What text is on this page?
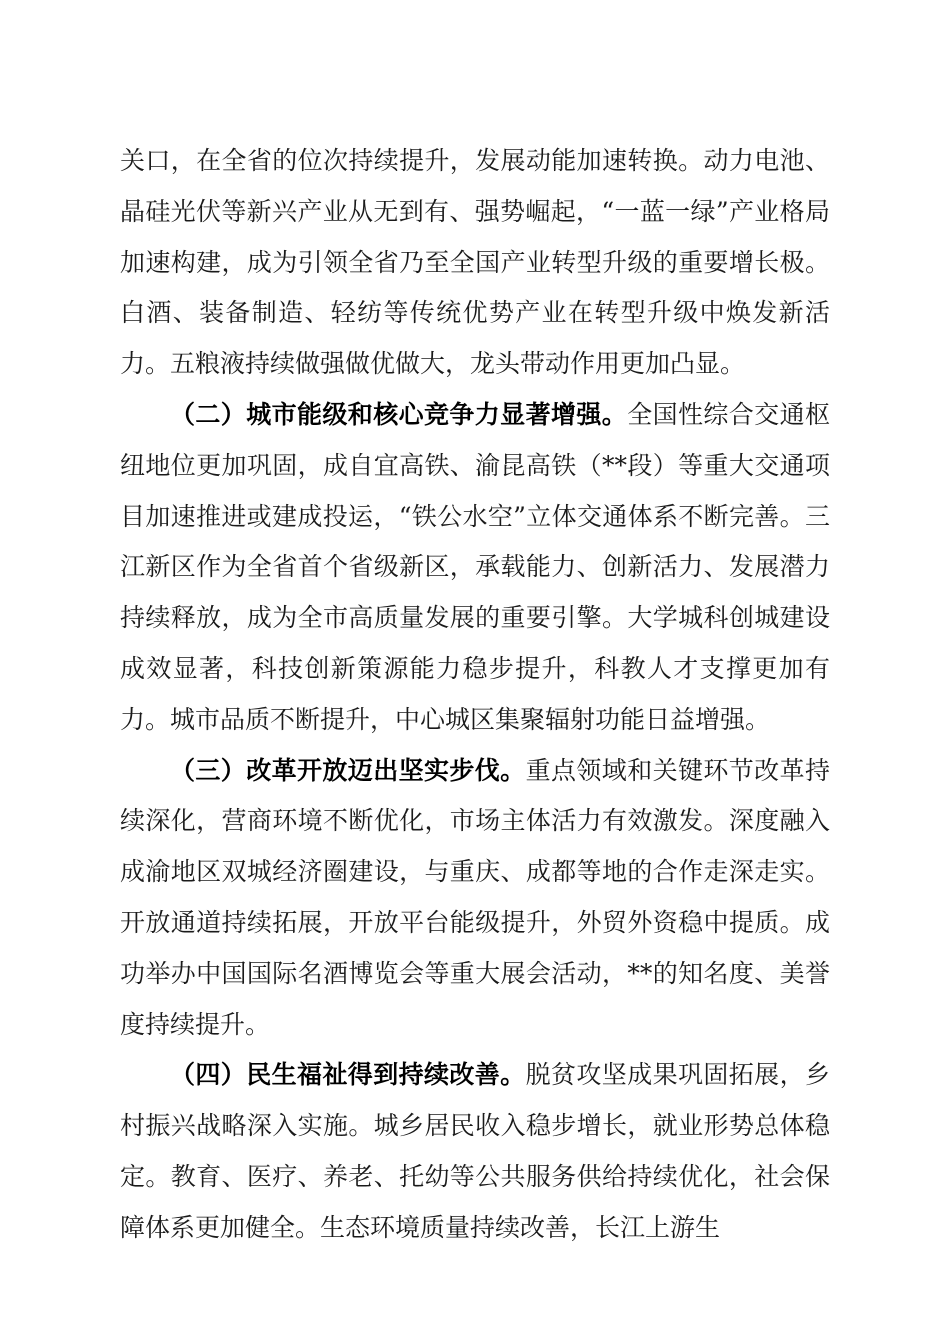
关口，在全省的位次持续提升，发展动能加速转换。动力电池、晶硅光伏等新兴产业从无到有、强势崛起，“一蓝一绿”产业格局加速构建，成为引领全省乃至全国产业转型升级的重要增长极。白酒、装备制造、轻纺等传统优势产业在转型升级中焕发新活力。五粮液持续做强做优做大，龙头带动作用更加凸显。

（二）城市能级和核心竞争力显著增强。全国性综合交通枢纽地位更加巩固，成自宜高铁、渝昆高铁（**段）等重大交通项目加速推进或建成投运，“铁公水空”立体交通体系不断完善。三江新区作为全省首个省级新区，承载能力、创新活力、发展潜力持续释放，成为全市高质量发展的重要引擎。大学城科创城建设成效显著，科技创新策源能力稳步提升，科教人才支撑更加有力。城市品质不断提升，中心城区集聚辐射功能日益增强。

（三）改革开放迈出坚实步伐。重点领域和关键环节改革持续深化，营商环境不断优化，市场主体活力有效激发。深度融入成渝地区双城经济圈建设，与重庆、成都等地的合作走深走实。开放通道持续拓展，开放平台能级提升，外贸外资稳中提质。成功举办中国国际名酒博览会等重大展会活动，**的知名度、美誉度持续提升。

（四）民生福祉得到持续改善。脱贫攻坚成果巩固拓展，乡村振兴战略深入实施。城乡居民收入稳步增长，就业形势总体稳定。教育、医疗、养老、托幼等公共服务供给持续优化，社会保障体系更加健全。生态环境质量持续改善，长江上游生
